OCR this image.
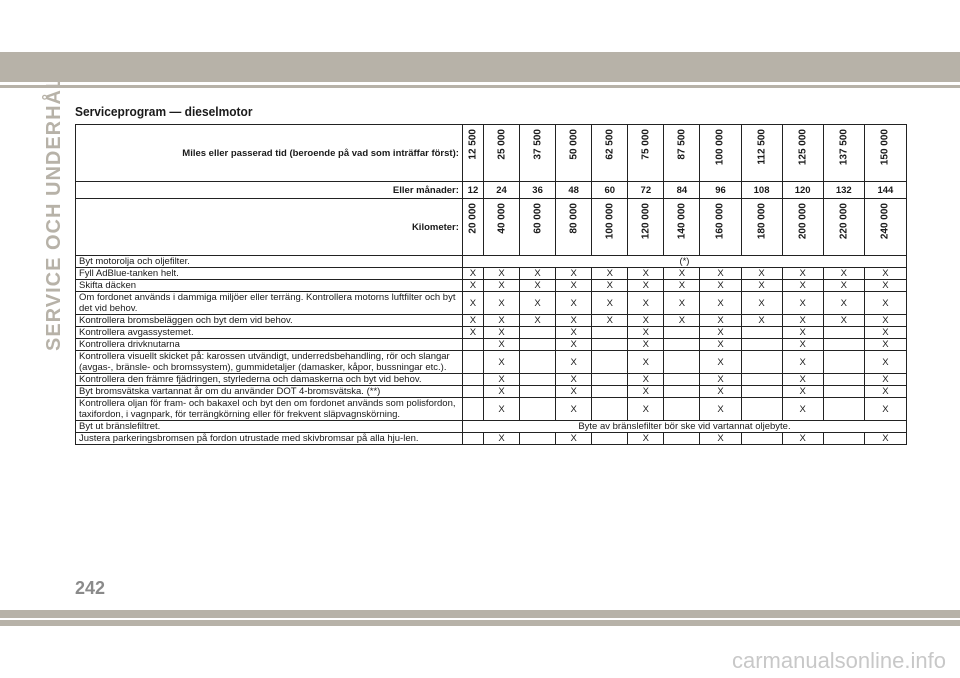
SERVICE OCH UNDERHÅLL Serviceprogram — dieselmotor
Miles eller passerad tid (beroende på vad som inträffar först):	12 500	25 000	37 500	50 000	62 500	75 000	87 500	100 000	112 500	125 000	137 500	150 000

Eller månader:	12	24	36	48	60	72	84	96	108	120	132	144
Kilometer:	20 000	40 000	60 000	80 000	100 000	120 000	140 000	160 000	180 000	200 000	220 000	240 000

Byt motorolja och oljefilter.	(*)											
Fyll AdBlue-tanken helt.	X	X	X	X	X	X	X	X	X	X	X	X
Skifta däcken	X	X	X	X	X	X	X	X	X	X	X	X
Om fordonet används i dammiga miljöer eller terräng. Kontrollera motorns luftfilter och byt det vid behov.	X	X	X	X	X	X	X	X	X	X	X	X
Kontrollera bromsbeläggen och byt dem vid behov.	X	X	X	X	X	X	X	X	X	X	X	X
Kontrollera avgassystemet.	X	X		X		X		X		X		X
Kontrollera drivknutarna		X		X		X		X		X		X
Kontrollera visuellt skicket på: karossen utvändigt, underredsbehandling, rör och slangar (avgas-, bränsle- och bromssystem), gummidetaljer (damasker, kåpor, bussningar etc.).		X		X		X		X		X		X
Kontrollera den främre fjädringen, styrlederna och damaskerna och byt vid behov.		X		X		X		X		X		X
Byt bromsvätska vartannat år om du använder DOT 4-bromsvätska. (**)		X		X		X		X		X		X
Kontrollera oljan för fram- och bakaxel och byt den om fordonet används som polisfordon, taxifordon, i vagnpark, för terrängkörning eller för frekvent släpvagnskörning.		X		X		X		X		X		X
Byt ut bränslefiltret.	Byte av bränslefilter bör ske vid vartannat oljebyte.											
Justera parkeringsbromsen på fordon utrustade med skivbromsar på alla hju-len.		X		X		X		X		X		X
242
carmanualsonline.info
